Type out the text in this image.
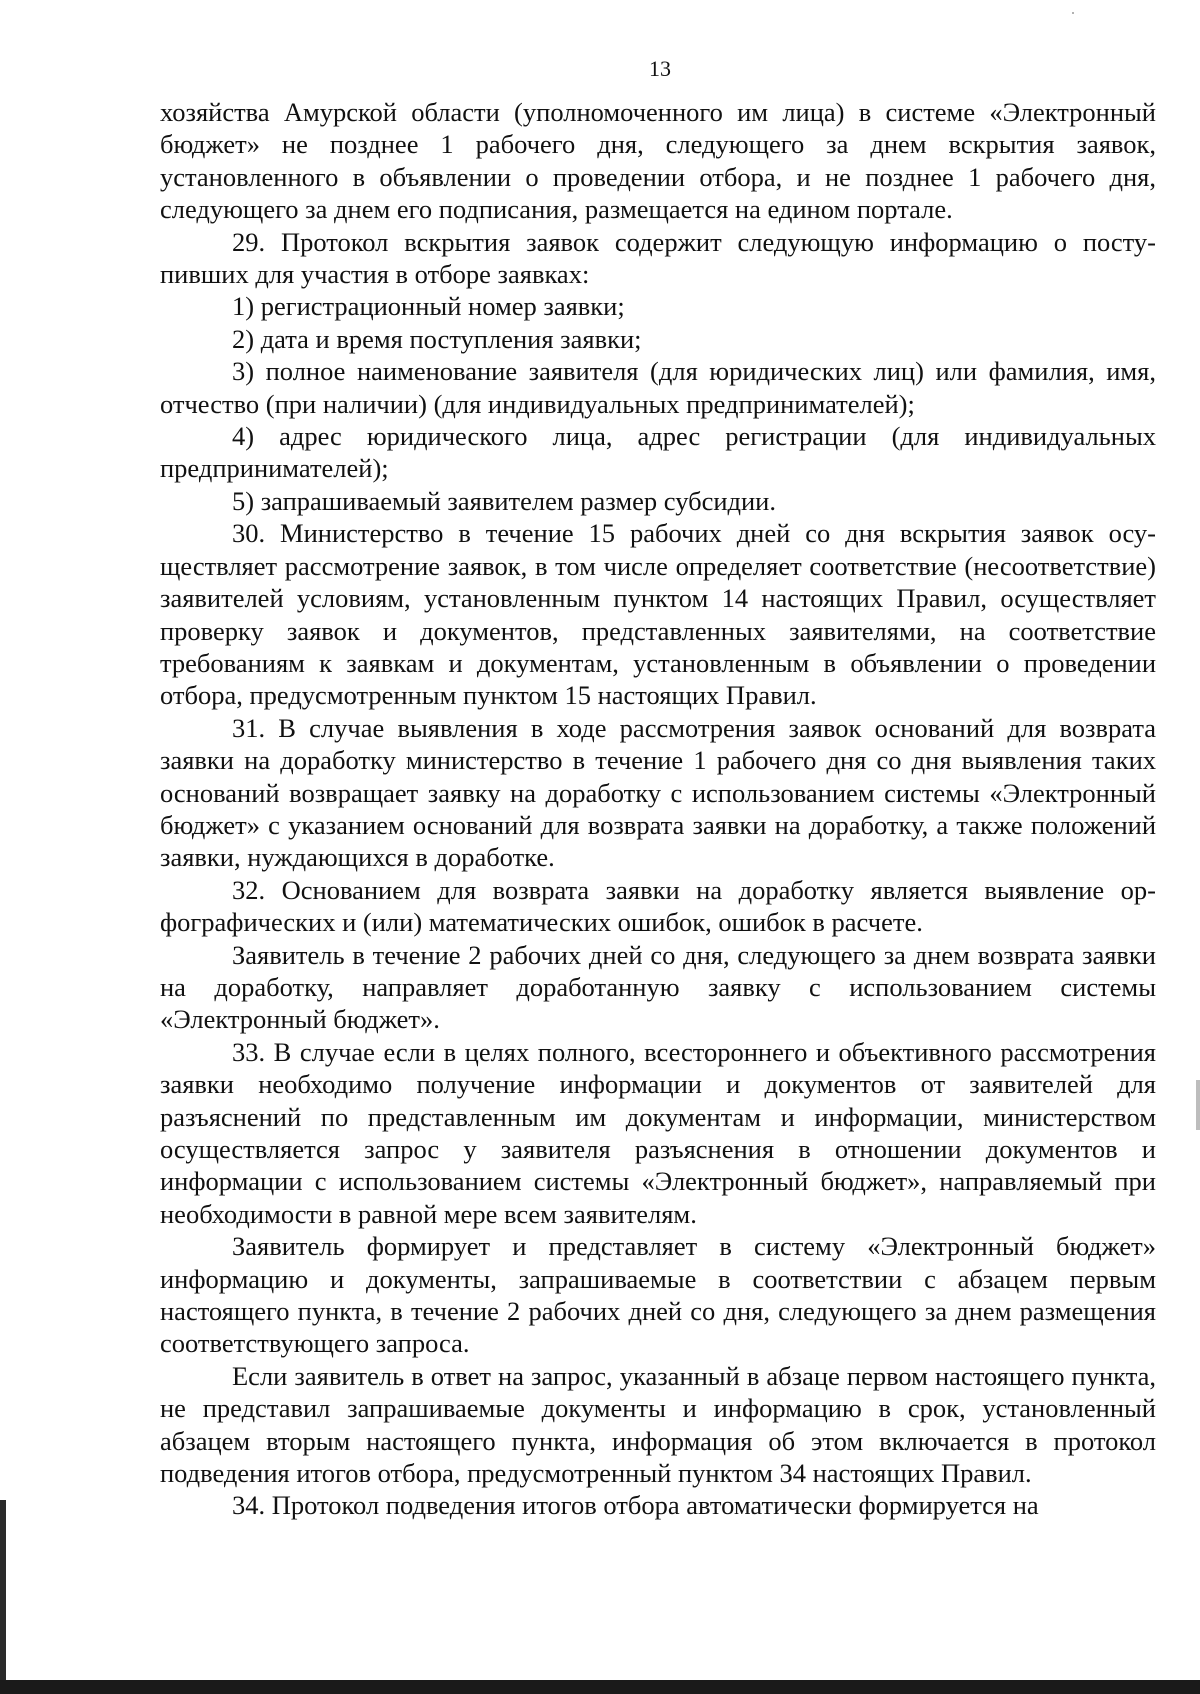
13

хозяйства Амурской области (уполномоченного им лица) в системе «Электронный бюджет» не позднее 1 рабочего дня, следующего за днем вскрытия заявок, установленного в объявлении о проведении отбора, и не позднее 1 рабочего дня, следующего за днем его подписания, размещается на едином портале.

29. Протокол вскрытия заявок содержит следующую информацию о поступивших для участия в отборе заявках:

1) регистрационный номер заявки;

2) дата и время поступления заявки;

3) полное наименование заявителя (для юридических лиц) или фамилия, имя, отчество (при наличии) (для индивидуальных предпринимателей);

4) адрес юридического лица, адрес регистрации (для индивидуальных предпринимателей);

5) запрашиваемый заявителем размер субсидии.

30. Министерство в течение 15 рабочих дней со дня вскрытия заявок осуществляет рассмотрение заявок, в том числе определяет соответствие (несоответствие) заявителей условиям, установленным пунктом 14 настоящих Правил, осуществляет проверку заявок и документов, представленных заявителями, на соответствие требованиям к заявкам и документам, установленным в объявлении о проведении отбора, предусмотренным пунктом 15 настоящих Правил.

31. В случае выявления в ходе рассмотрения заявок оснований для возврата заявки на доработку министерство в течение 1 рабочего дня со дня выявления таких оснований возвращает заявку на доработку с использованием системы «Электронный бюджет» с указанием оснований для возврата заявки на доработку, а также положений заявки, нуждающихся в доработке.

32. Основанием для возврата заявки на доработку является выявление орфографических и (или) математических ошибок, ошибок в расчете.

Заявитель в течение 2 рабочих дней со дня, следующего за днем возврата заявки на доработку, направляет доработанную заявку с использованием системы «Электронный бюджет».

33. В случае если в целях полного, всестороннего и объективного рассмотрения заявки необходимо получение информации и документов от заявителей для разъяснений по представленным им документам и информации, министерством осуществляется запрос у заявителя разъяснения в отношении документов и информации с использованием системы «Электронный бюджет», направляемый при необходимости в равной мере всем заявителям.

Заявитель формирует и представляет в систему «Электронный бюджет» информацию и документы, запрашиваемые в соответствии с абзацем первым настоящего пункта, в течение 2 рабочих дней со дня, следующего за днем размещения соответствующего запроса.

Если заявитель в ответ на запрос, указанный в абзаце первом настоящего пункта, не представил запрашиваемые документы и информацию в срок, установленный абзацем вторым настоящего пункта, информация об этом включается в протокол подведения итогов отбора, предусмотренный пунктом 34 настоящих Правил.

34. Протокол подведения итогов отбора автоматически формируется на
